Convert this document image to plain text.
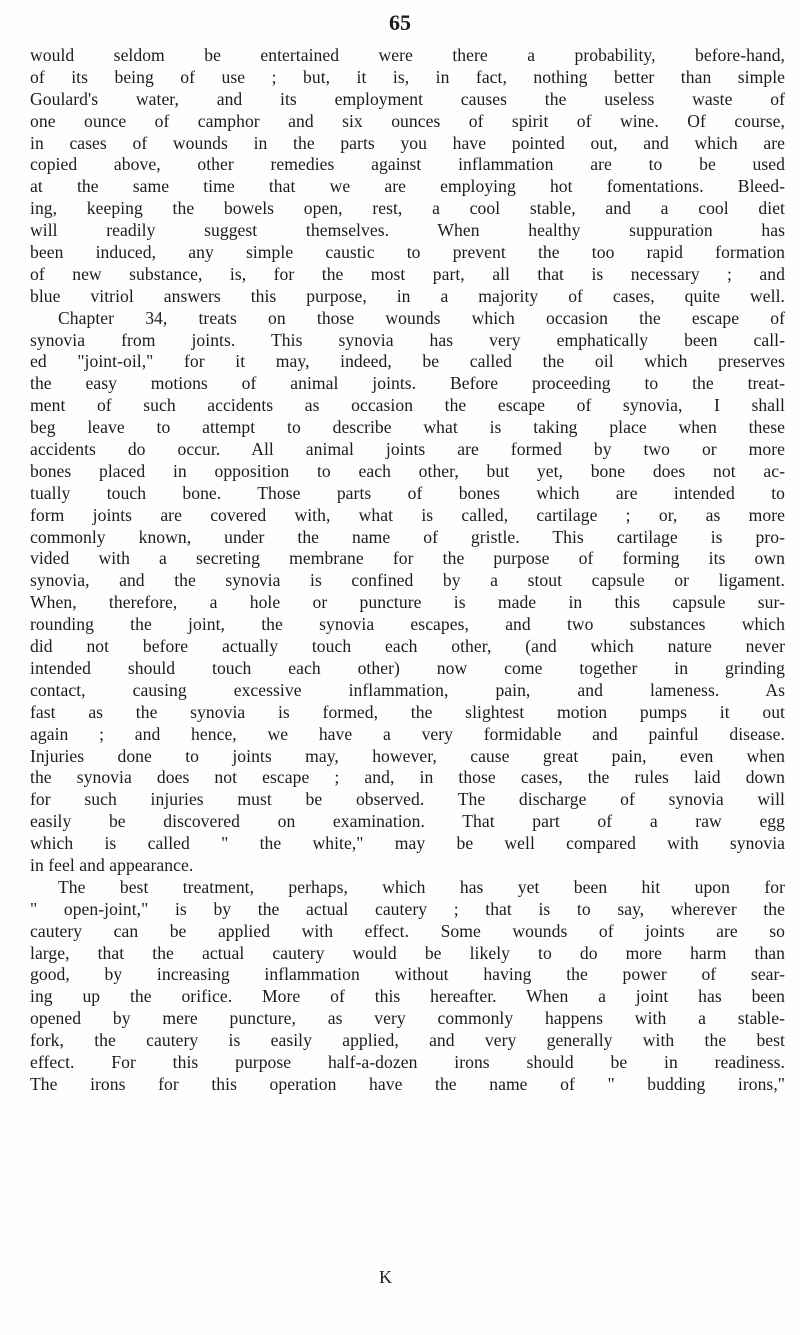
65
would seldom be entertained were there a probability, before-hand,
of its being of use ; but, it is, in fact, nothing better than simple
Goulard's water, and its employment causes the useless waste of
one ounce of camphor and six ounces of spirit of wine. Of course,
in cases of wounds in the parts you have pointed out, and which are
copied above, other remedies against inflammation are to be used
at the same time that we are employing hot fomentations. Bleed-
ing, keeping the bowels open, rest, a cool stable, and a cool diet
will readily suggest themselves. When healthy suppuration has
been induced, any simple caustic to prevent the too rapid formation
of new substance, is, for the most part, all that is necessary ; and
blue vitriol answers this purpose, in a majority of cases, quite well.
Chapter 34, treats on those wounds which occasion the escape of
synovia from joints. This synovia has very emphatically been call-
ed "joint-oil," for it may, indeed, be called the oil which preserves
the easy motions of animal joints. Before proceeding to the treat-
ment of such accidents as occasion the escape of synovia, I shall
beg leave to attempt to describe what is taking place when these
accidents do occur. All animal joints are formed by two or more
bones placed in opposition to each other, but yet, bone does not ac-
tually touch bone. Those parts of bones which are intended to
form joints are covered with, what is called, cartilage ; or, as more
commonly known, under the name of gristle. This cartilage is pro-
vided with a secreting membrane for the purpose of forming its own
synovia, and the synovia is confined by a stout capsule or ligament.
When, therefore, a hole or puncture is made in this capsule sur-
rounding the joint, the synovia escapes, and two substances which
did not before actually touch each other, (and which nature never
intended should touch each other) now come together in grinding
contact, causing excessive inflammation, pain, and lameness. As
fast as the synovia is formed, the slightest motion pumps it out
again ; and hence, we have a very formidable and painful disease.
Injuries done to joints may, however, cause great pain, even when
the synovia does not escape ; and, in those cases, the rules laid down
for such injuries must be observed. The discharge of synovia will
easily be discovered on examination. That part of a raw egg
which is called " the white," may be well compared with synovia
in feel and appearance.
The best treatment, perhaps, which has yet been hit upon for
" open-joint," is by the actual cautery ; that is to say, wherever the
cautery can be applied with effect. Some wounds of joints are so
large, that the actual cautery would be likely to do more harm than
good, by increasing inflammation without having the power of sear-
ing up the orifice. More of this hereafter. When a joint has been
opened by mere puncture, as very commonly happens with a stable-
fork, the cautery is easily applied, and very generally with the best
effect. For this purpose half-a-dozen irons should be in readiness.
The irons for this operation have the name of " budding irons,"
K
